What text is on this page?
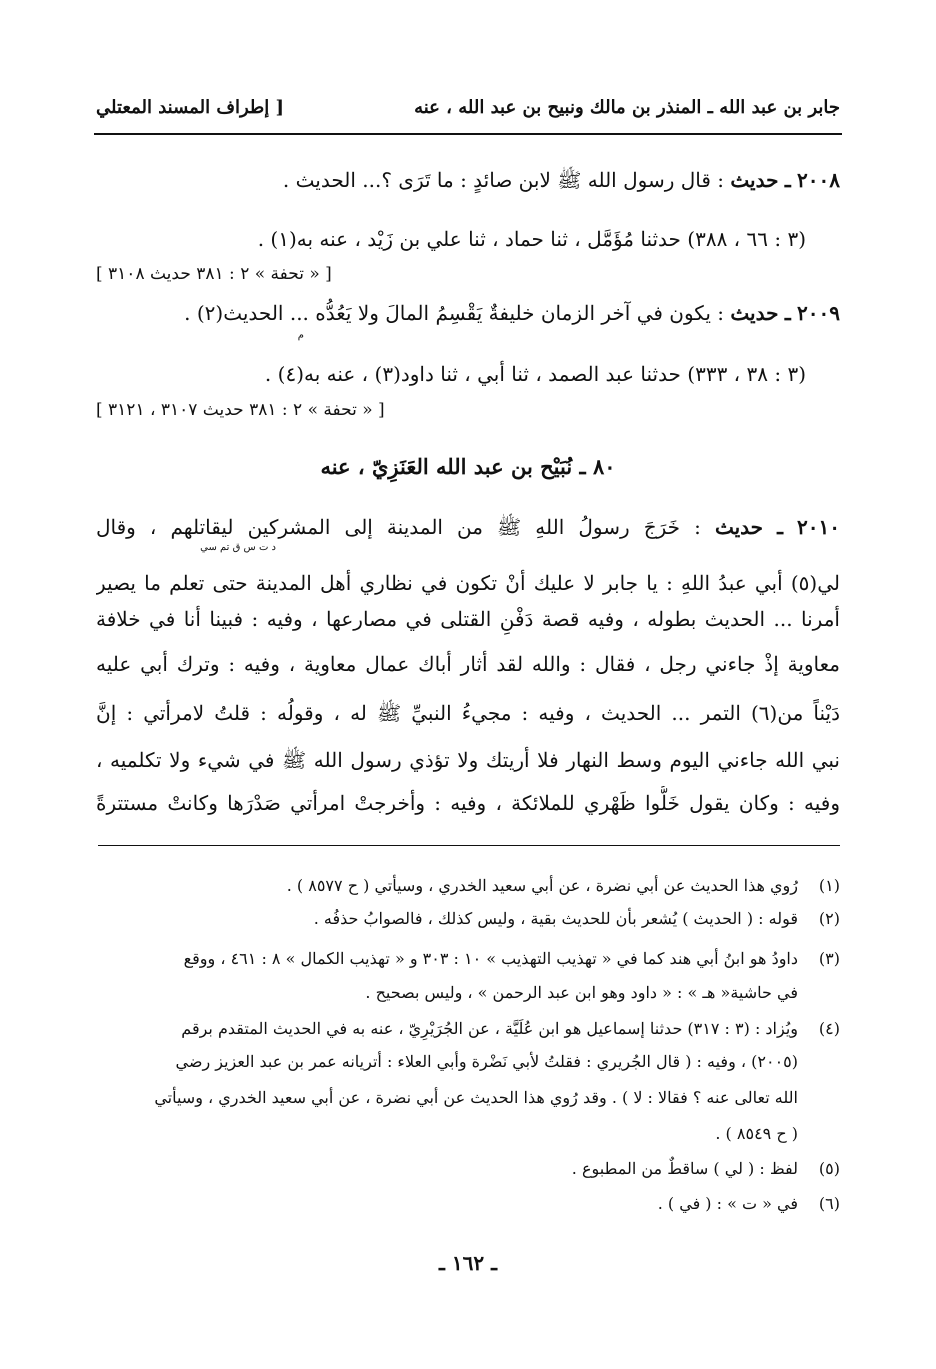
جابر بن عبد الله ـ المنذر بن مالك ونبيح بن عبد الله ، عنه
[ إطراف المسند المعتلي
٢٠٠٨ ـ حديث : قال رسول الله ﷺ لابن صائدٍ : ما تَرَى ؟... الحديث .
(٣ : ٦٦ ، ٣٨٨) حدثنا مُؤَمَّل ، ثنا حماد ، ثنا علي بن زَيْد ، عنه به(١) .
[ « تحفة » ٢ : ٣٨١ حديث ٣١٠٨ ]
٢٠٠٩ ـ حديث : يكون في آخر الزمان خليفةٌ يَقْسِمُ المالَ ولا يَعُدُّه ... الحديث(٢) .
م
(٣ : ٣٨ ، ٣٣٣) حدثنا عبد الصمد ، ثنا أبي ، ثنا داود(٣) ، عنه به(٤) .
[ « تحفة » ٢ : ٣٨١ حديث ٣١٠٧ ، ٣١٢١ ]
٨٠ ـ نُبَيْح بن عبد الله العَنَزِيّ ، عنه
٢٠١٠ ـ حديث : خَرَجَ رسولُ اللهِ ﷺ من المدينة إلى المشركين ليقاتلهم ، وقال
د ت س ق تم سي
لي(٥) أبي عبدُ اللهِ : يا جابر لا عليك أنْ تكون في نظاري أهل المدينة حتى تعلم ما يصير
أمرنا ... الحديث بطوله ، وفيه قصة دَفْنِ القتلى في مصارعها ، وفيه : فبينا أنا في خلافة
معاوية إذْ جاءني رجل ، فقال : والله لقد أثار أباك عمال معاوية ، وفيه : وترك أبي عليه
دَيْناً من(٦) التمر ... الحديث ، وفيه : مجيءُ النبيِّ ﷺ له ، وقولُه : قلتُ لامرأتي : إنَّ
نبي الله جاءني اليوم وسط النهار فلا أريتك ولا تؤذي رسول الله ﷺ في شيء ولا تكلميه ،
وفيه : وكان يقول خَلُّوا ظَهْري للملائكة ، وفيه : وأخرجتْ امرأتي صَدْرَها وكانتْ مستترةً
(١)رُوي هذا الحديث عن أبي نضرة ، عن أبي سعيد الخدري ، وسيأتي ( ح ٨٥٧٧ ) .
(٢)قوله : ( الحديث ) يُشعر بأن للحديث بقية ، وليس كذلك ، فالصوابُ حذفُه .
(٣)داودُ هو ابنُ أبي هند كما في « تهذيب التهذيب » ١٠ : ٣٠٣ و « تهذيب الكمال » ٨ : ٤٦١ ، ووقع
في حاشية« هـ » : « داود وهو ابن عبد الرحمن » ، وليس بصحيح .
(٤)ويُزاد : (٣ : ٣١٧) حدثنا إسماعيل هو ابن عُلَيَّة ، عن الجُرَيْرِيّ ، عنه به في الحديث المتقدم برقم
(٢٠٠٥) ، وفيه : ( قال الجُريري : فقلتُ لأبي نَضْرة وأبي العلاء : أتريانه عمر بن عبد العزيز رضي
الله تعالى عنه ؟ فقالا : لا ) . وقد رُوي هذا الحديث عن أبي نضرة ، عن أبي سعيد الخدري ، وسيأتي
( ح ٨٥٤٩ ) .
(٥)لفظ : ( لي ) ساقطٌ من المطبوع .
(٦)في « ت » : ( في ) .
ـ ١٦٢ ـ
